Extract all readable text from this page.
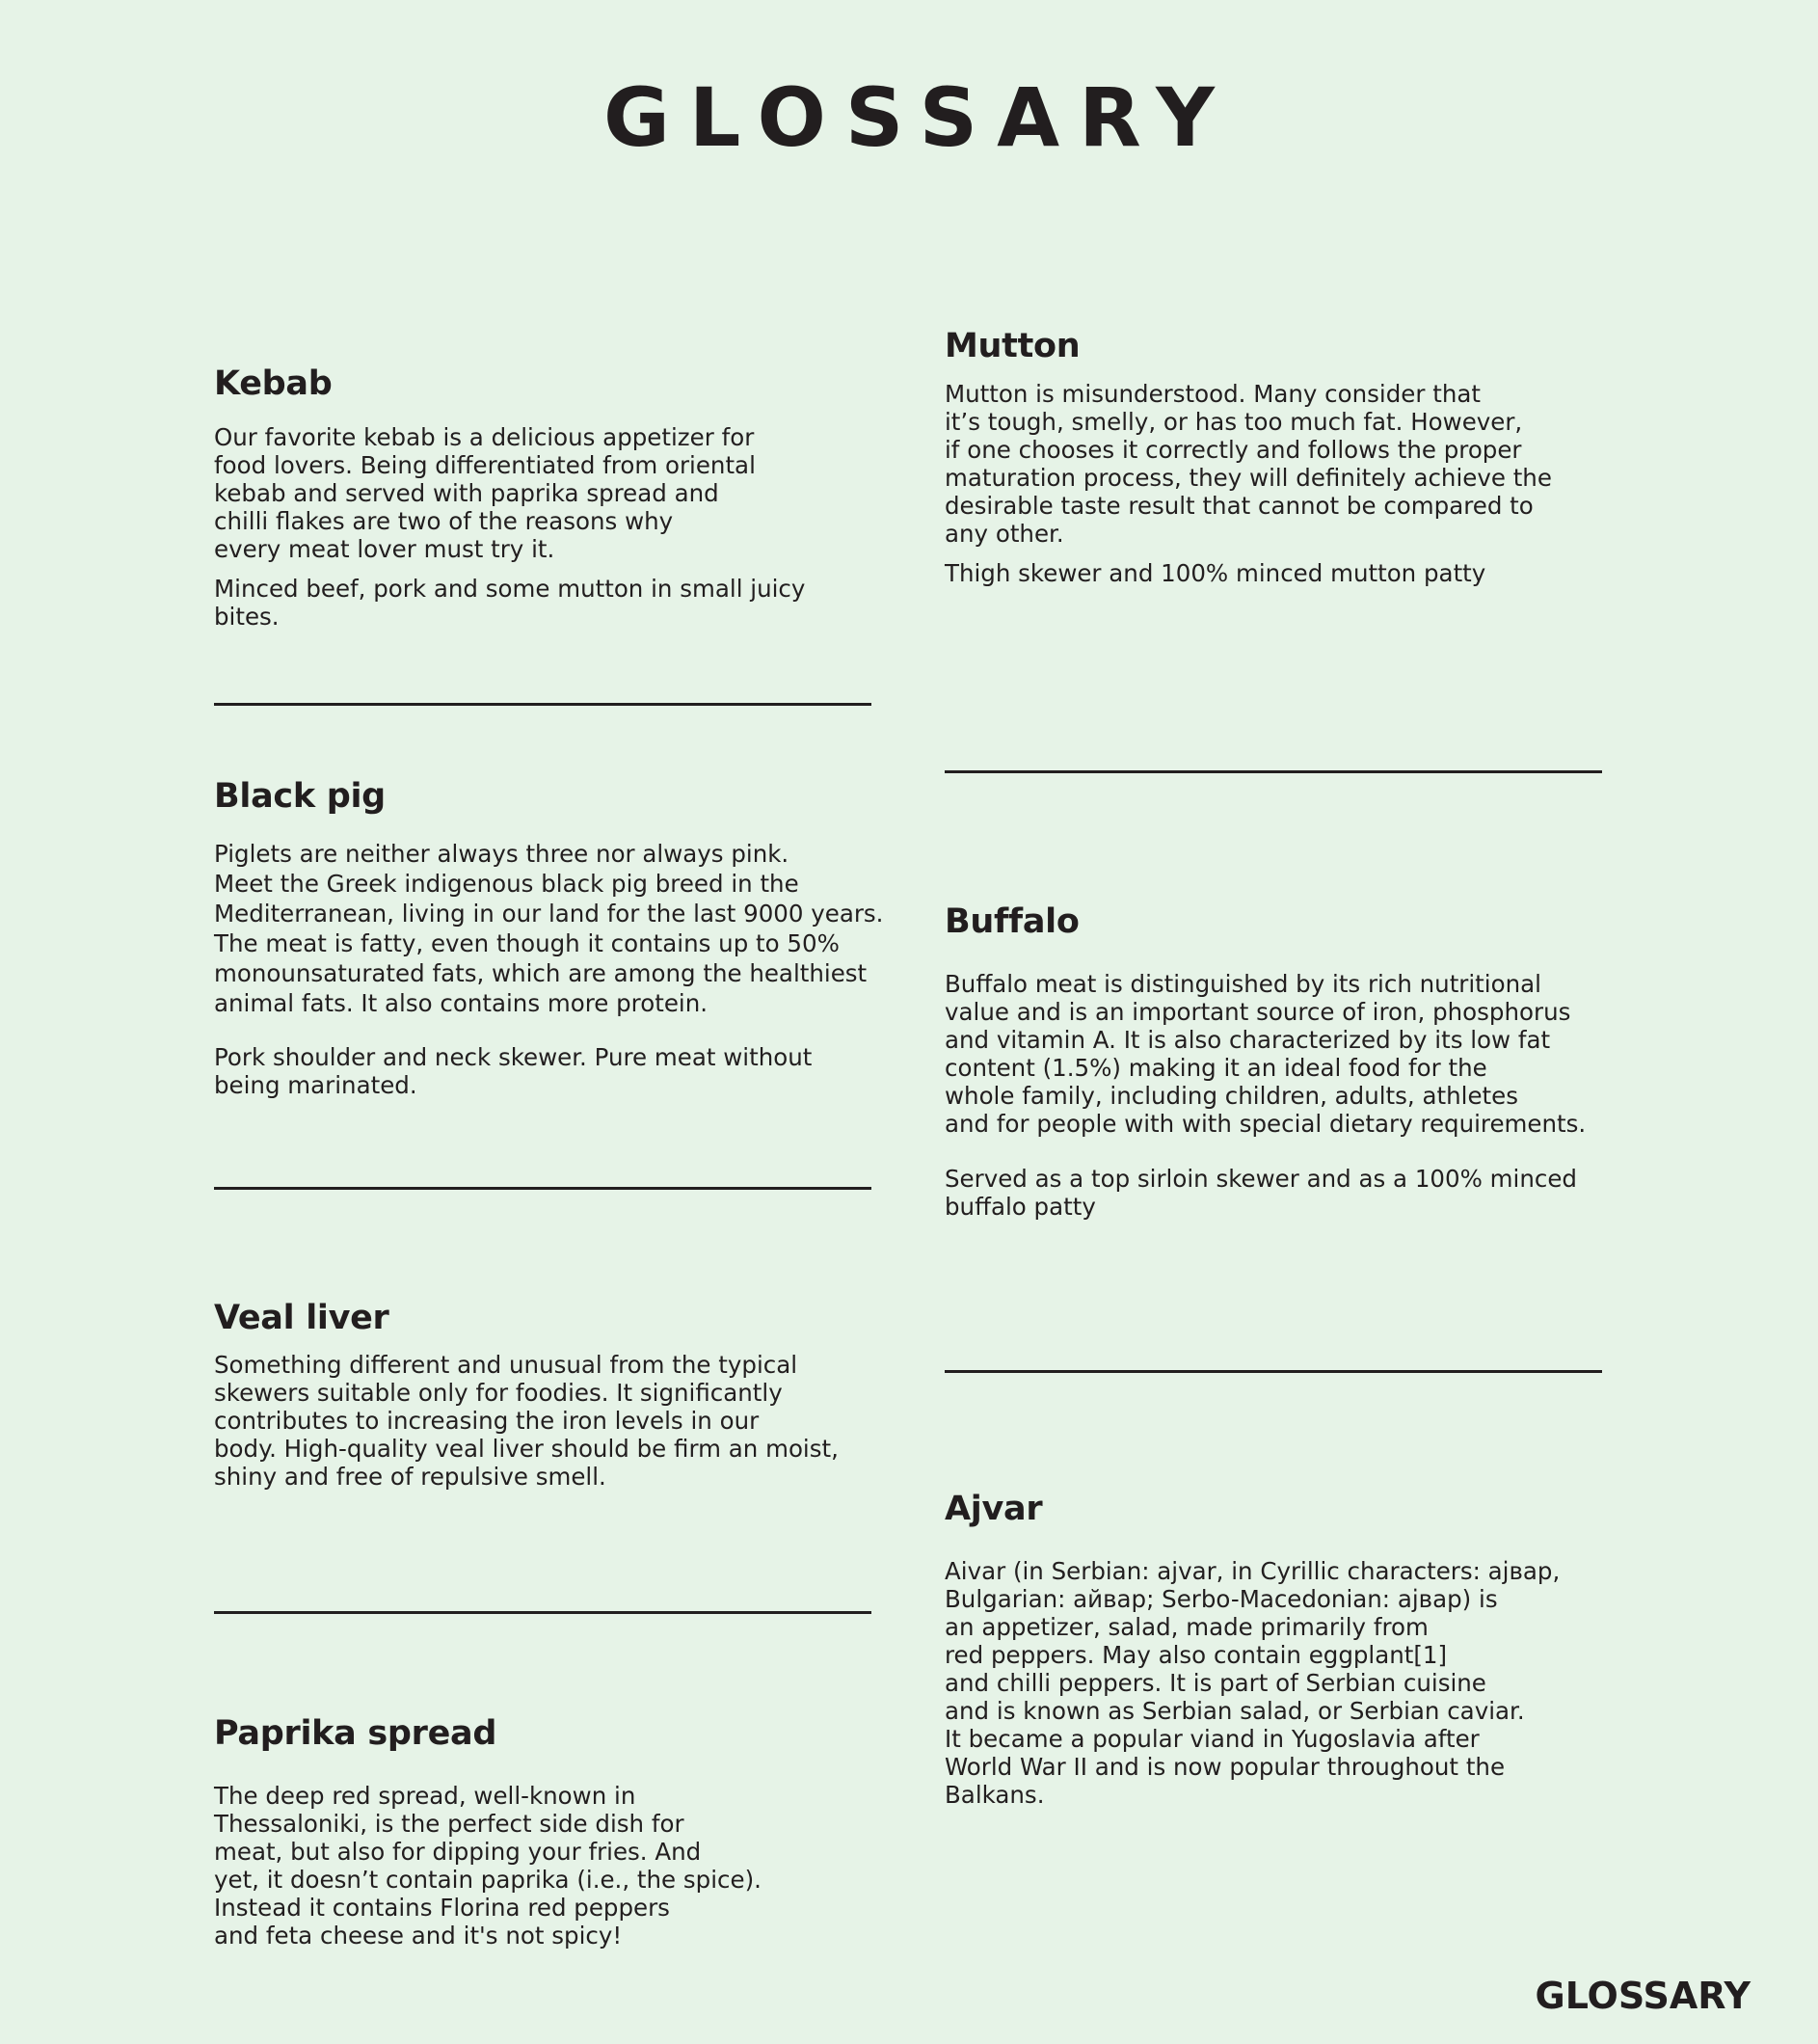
GLOSSARY
Kebab

Our favorite kebab is a delicious appetizer for
food lovers. Being differentiated from oriental
kebab and served with paprika spread and
chilli flakes are two of the reasons why
every meat lover must try it.

Minced beef, pork and some mutton in small juicy
bites.

Black pig

Piglets are neither always three nor always pink.
Meet the Greek indigenous black pig breed in the
Mediterranean, living in our land for the last 9000 years.
The meat is fatty, even though it contains up to 50%
monounsaturated fats, which are among the healthiest
animal fats. It also contains more protein.

Pork shoulder and neck skewer. Pure meat without
being marinated.

Veal liver

Something different and unusual from the typical
skewers suitable only for foodies. It significantly
contributes to increasing the iron levels in our
body. High-quality veal liver should be firm an moist,
shiny and free of repulsive smell.

Paprika spread

The deep red spread, well-known in
Thessaloniki, is the perfect side dish for
meat, but also for dipping your fries. And
yet, it doesn’t contain paprika (i.e., the spice).
Instead it contains Florina red peppers
and feta cheese and it's not spicy!

Mutton

Mutton is misunderstood. Many consider that
it’s tough, smelly, or has too much fat. However,
if one chooses it correctly and follows the proper
maturation process, they will definitely achieve the
desirable taste result that cannot be compared to
any other.

Thigh skewer and 100% minced mutton patty

Buffalo

Buffalo meat is distinguished by its rich nutritional
value and is an important source of iron, phosphorus
and vitamin A. It is also characterized by its low fat
content (1.5%) making it an ideal food for the
whole family, including children, adults, athletes
and for people with with special dietary requirements.

Served as a top sirloin skewer and as a 100% minced
buffalo patty

Ajvar

Aivar (in Serbian: ajvar, in Cyrillic characters: ајвар,
Bulgarian: айвар; Serbo-Macedonian: ајвар) is
an appetizer, salad, made primarily from
red peppers. May also contain eggplant[1]
and chilli peppers. It is part of Serbian cuisine
and is known as Serbian salad, or Serbian caviar.
It became a popular viand in Yugoslavia after
World War II and is now popular throughout the
Balkans.

GLOSSARY
